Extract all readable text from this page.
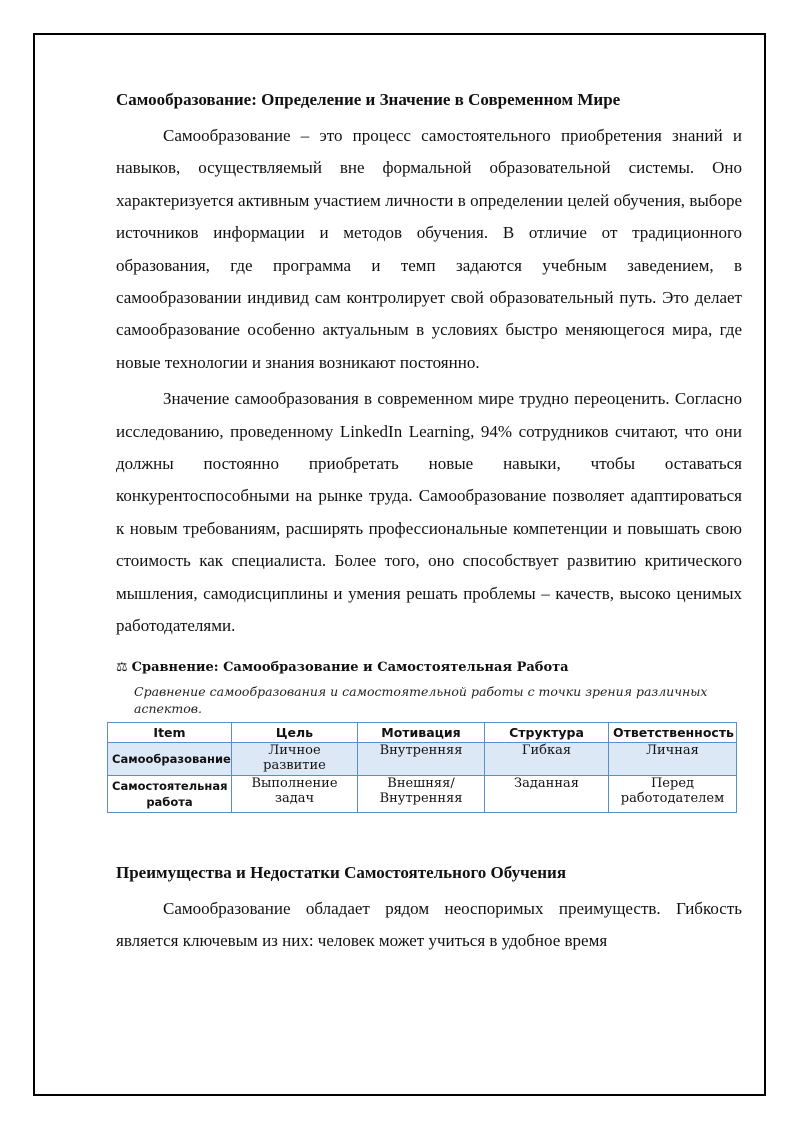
Самообразование: Определение и Значение в Современном Мире

Самообразование – это процесс самостоятельного приобретения знаний и навыков, осуществляемый вне формальной образовательной системы. Оно характеризуется активным участием личности в определении целей обучения, выборе источников информации и методов обучения. В отличие от традиционного образования, где программа и темп задаются учебным заведением, в самообразовании индивид сам контролирует свой образовательный путь. Это делает самообразование особенно актуальным в условиях быстро меняющегося мира, где новые технологии и знания возникают постоянно.

Значение самообразования в современном мире трудно переоценить. Согласно исследованию, проведенному LinkedIn Learning, 94% сотрудников считают, что они должны постоянно приобретать новые навыки, чтобы оставаться конкурентоспособными на рынке труда. Самообразование позволяет адаптироваться к новым требованиям, расширять профессиональные компетенции и повышать свою стоимость как специалиста. Более того, оно способствует развитию критического мышления, самодисциплины и умения решать проблемы – качеств, высоко ценимых работодателями.

⚖ Сравнение: Самообразование и Самостоятельная Работа

Сравнение самообразования и самостоятельной работы с точки зрения различных аспектов.

Item	Цель	Мотивация	Структура	Ответственность
Самообразование	Личное развитие	Внутренняя	Гибкая	Личная
Самостоятельная работа	Выполнение задач	Внешняя/ Внутренняя	Заданная	Перед работодателем
Преимущества и Недостатки Самостоятельного Обучения

Самообразование обладает рядом неоспоримых преимуществ. Гибкость является ключевым из них: человек может учиться в удобное время
